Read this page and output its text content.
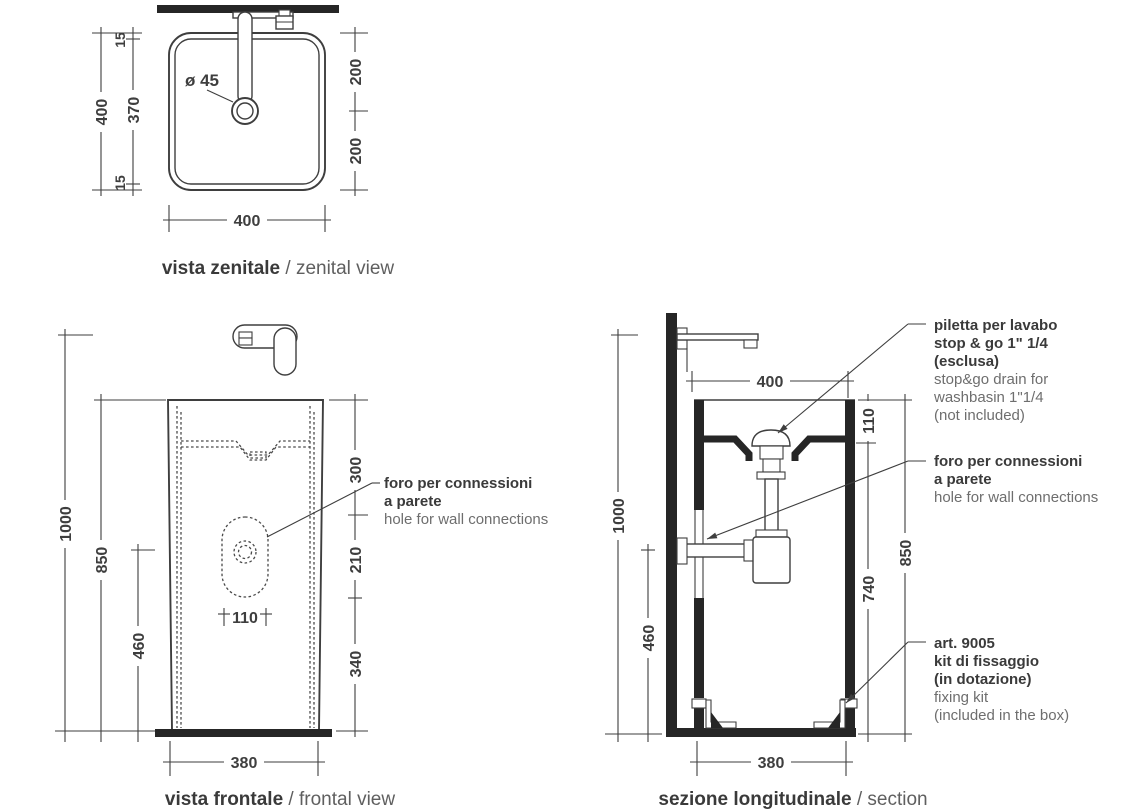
ø 45
400 370
15
15
200
200
400
vista zenitale / zenital view
110
1000
850
460
300
210
340
380
foro per connessioni
a parete
hole for wall connections
vista frontale / frontal view
400
1000
460
110
740
850
380
piletta per lavabo
stop & go 1" 1/4
(esclusa)
stop&go drain for
washbasin 1"1/4
(not included)
foro per connessioni
a parete
hole for wall connections
art. 9005
kit di fissaggio
(in dotazione)
fixing kit
(included in the box)
sezione longitudinale / section
